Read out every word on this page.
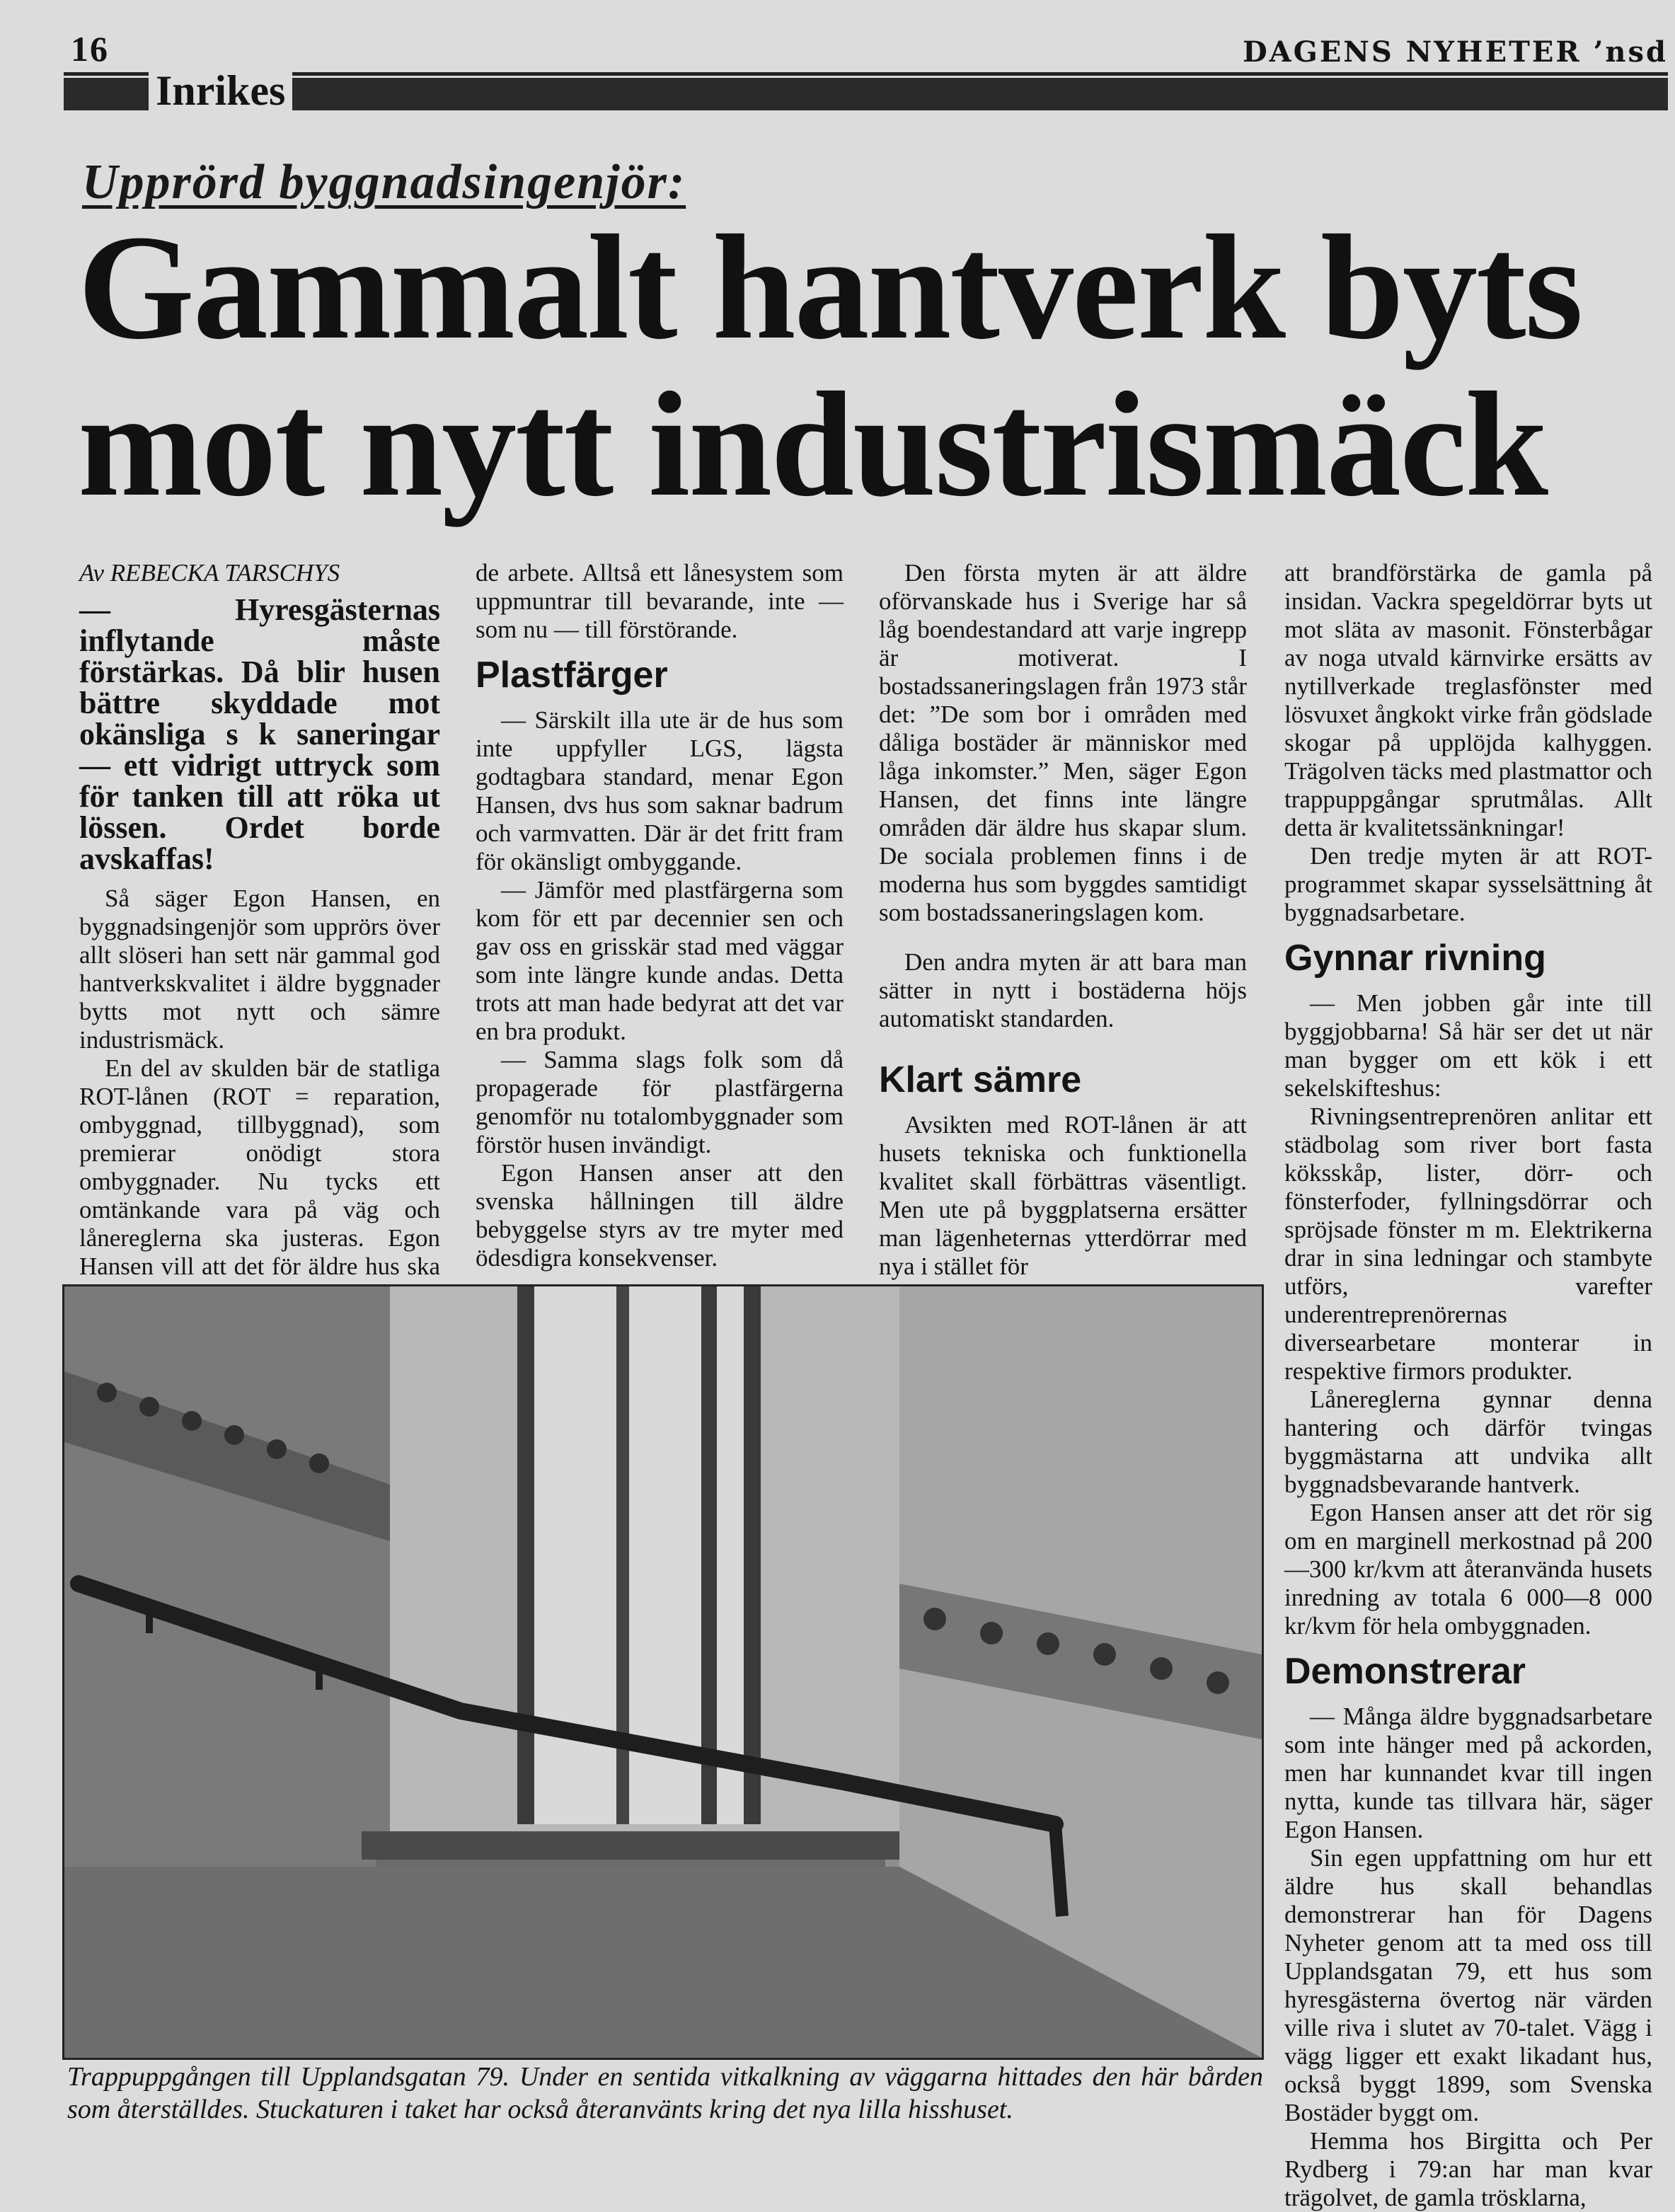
16	DAGENS NYHETER ’nsd
Inrikes
Upprörd byggnadsingenjör:
Gammalt hantverk byts
mot nytt industrismäck
Av REBECKA TARSCHYS
— Hyresgästernas inflytande måste förstärkas. Då blir husen bättre skyddade mot okänsliga s k saneringar — ett vidrigt uttryck som för tanken till att röka ut lössen. Ordet borde avskaffas!

Så säger Egon Hansen, en byggnadsingenjör som upprörs över allt slöseri han sett när gammal god hantverkskvalitet i äldre byggnader bytts mot nytt och sämre industrismäck.

En del av skulden bär de statliga ROT-lånen (ROT = reparation, ombyggnad, tillbyggnad), som premierar onödigt stora ombyggnader. Nu tycks ett omtänkande vara på väg och lånereglerna ska justeras. Egon Hansen vill att det för äldre hus ska

de arbete. Alltså ett lånesystem som uppmuntrar till bevarande, inte — som nu — till förstörande.

Plastfärger

— Särskilt illa ute är de hus som inte uppfyller LGS, lägsta godtagbara standard, menar Egon Hansen, dvs hus som saknar badrum och varmvatten. Där är det fritt fram för okänsligt ombyggande.

— Jämför med plastfärgerna som kom för ett par decennier sen och gav oss en grisskär stad med väggar som inte längre kunde andas. Detta trots att man hade bedyrat att det var en bra produkt.

— Samma slags folk som då propagerade för plastfärgerna genomför nu totalombyggnader som förstör husen invändigt.

Egon Hansen anser att den svenska hållningen till äldre bebyggelse styrs av tre myter med ödesdigra konsekvenser.

Den första myten är att äldre oförvanskade hus i Sverige har så låg boendestandard att varje ingrepp är motiverat. I bostadssaneringslagen från 1973 står det: ”De som bor i områden med dåliga bostäder är människor med låga inkomster.” Men, säger Egon Hansen, det finns inte längre områden där äldre hus skapar slum. De sociala problemen finns i de moderna hus som byggdes samtidigt som bostadssaneringslagen kom.

Den andra myten är att bara man sätter in nytt i bostäderna höjs automatiskt standarden.

Klart sämre

Avsikten med ROT-lånen är att husets tekniska och funktionella kvalitet skall förbättras väsentligt. Men ute på byggplatserna ersätter man lägenheternas ytterdörrar med nya i stället för

att brandförstärka de gamla på insidan. Vackra spegeldörrar byts ut mot släta av masonit. Fönsterbågar av noga utvald kärnvirke ersätts av nytillverkade treglasfönster med lösvuxet ångkokt virke från gödslade skogar på upplöjda kalhyggen. Trägolven täcks med plastmattor och trappuppgångar sprutmålas. Allt detta är kvalitetssänkningar!

Den tredje myten är att ROT-programmet skapar sysselsättning åt byggnadsarbetare.

Gynnar rivning

— Men jobben går inte till byggjobbarna! Så här ser det ut när man bygger om ett kök i ett sekelskifteshus:

Rivningsentreprenören anlitar ett städbolag som river bort fasta köksskåp, lister, dörr- och fönsterfoder, fyllningsdörrar och spröjsade fönster m m. Elektrikerna drar in sina ledningar och stambyte utförs, varefter underentreprenörernas diversearbetare monterar in respektive firmors produkter.

Lånereglerna gynnar denna hantering och därför tvingas byggmästarna att undvika allt byggnadsbevarande hantverk.

Egon Hansen anser att det rör sig om en marginell merkostnad på 200—300 kr/kvm att återanvända husets inredning av totala 6 000—8 000 kr/kvm för hela ombyggnaden.

Demonstrerar

— Många äldre byggnadsarbetare som inte hänger med på ackorden, men har kunnandet kvar till ingen nytta, kunde tas tillvara här, säger Egon Hansen.

Sin egen uppfattning om hur ett äldre hus skall behandlas demonstrerar han för Dagens Nyheter genom att ta med oss till Upplandsgatan 79, ett hus som hyresgästerna övertog när värden ville riva i slutet av 70-talet. Vägg i vägg ligger ett exakt likadant hus, också byggt 1899, som Svenska Bostäder byggt om.

Hemma hos Birgitta och Per Rydberg i 79:an har man kvar trägolvet, de gamla trösklarna,

Trappuppgången till Upplandsgatan 79. Under en sentida vitkalkning av väggarna hittades den här bården som återställdes. Stuckaturen i taket har också återanvänts kring det nya lilla hisshuset.
